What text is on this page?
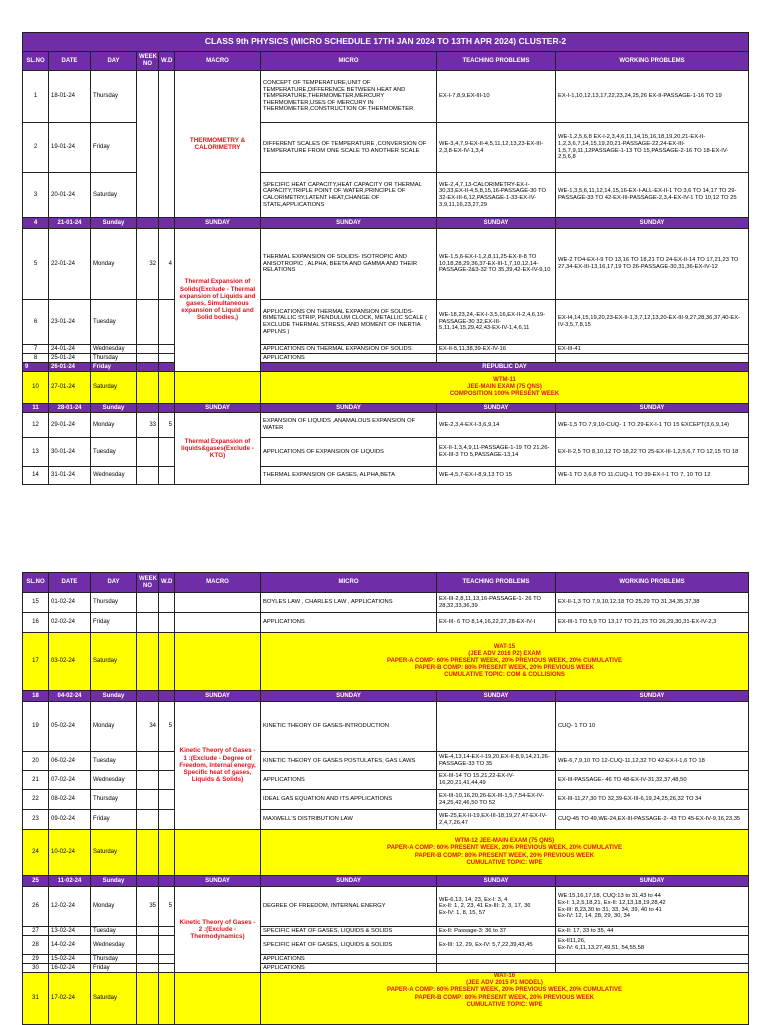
CLASS 9th PHYSICS (MICRO SCHEDULE 17TH JAN 2024 TO 13TH APR 2024) CLUSTER-2								
SL.NO	DATE	DAY	WEEK NO	W.D	MACRO	MICRO	TEACHING PROBLEMS	WORKING PROBLEMS
1	18-01-24	Thursday			THERMOMETRY & CALORIMETRY	CONCEPT OF TEMPERATURE,UNIT OF TEMPERATURE,DIFFERENCE BETWEEN HEAT AND TEMPERATURE,THERMOMETER,MERCURY THERMOMETER,USES OF MERCURY IN THERMOMETER,CONSTRUCTION OF THERMOMETER	EX-I-7,8,9,EX-III-10	EX-I-1,10,12,13,17,22,23,24,25,26 EX-II-PASSAGE-1-16 TO 19
2	19-01-24	Friday				DIFFERENT SCALES OF TEMPERATURE ,CONVERSION OF TEMPERATURE FROM ONE SCALE TO ANOTHER SCALE	WE-3,4,7,9-EX-II-4,5,11,12,13,23-EX-III-2,3,8-EX-IV-1,3,4	WE-1,2,5,6,8 EX-I-2,3,4,6,11,14,15,16,18,19,20,21-EX-II-1,2,3,6,7,14,15,19,20,21-PASSAGE-22,24-EX-III-1,5,7,9,11,12PASSAGE-1-13 TO 15,PASSAGE-2-16 TO 18-EX-IV-2,5,6,8
3	20-01-24	Saturday				SPECIFIC HEAT CAPACITY,HEAT CAPACITY OR THERMAL CAPACITY,TRIPLE POINT OF WATER,PRINCIPLE OF CALORIMETRY,LATENT HEAT,CHANGE OF STATE,APPLICATIONS	WE-2,4,7,13-CALORIMETRY-EX-I-30,33,EX-II-4,5,8,15,16-PASSAGE-30 TO 32-EX-III-6,12,PASSAGE-1-33-EX-IV-3,9,11,16,23,27,29	WE-1,3,5,6,11,12,14,15,16-EX-I-ALL-EX-II-1 TO 3,6 TO 14,17 TO 29-PASSAGE-33 TO 42-EX-III-PASSAGE-2,3,4-EX-IV-1 TO 10,12 TO 25
4	21-01-24	Sunday			SUNDAY	SUNDAY	SUNDAY	SUNDAY
5	22-01-24	Monday	32	4	Thermal Expansion of Solids(Exclude - Thermal expansion of Liquids and gases, Simultaneous expansion of Liquid and Solid bodies,)	THERMAL EXPANSION OF SOLIDS- ISOTROPIC AND ANISOTROPIC , ALPHA, BEETA AND GAMMA AND THEIR RELATIONS	WE-1,5,6-EX-I-1,2,8,11,25-EX-II-8 TO 10,18,28,29,36,37-EX-III-1,7,10,12,14-PASSAGE-2&3-32 TO 35,39,42-EX-IV-9,10	WE-2 TO4-EX-I-9 TO 13,16 TO 18,21 TO 24-EX-II-14 TO 17,21,23 TO 27,34-EX-III-13,16,17,19 TO 26-PASSAGE-30,31,36-EX-IV-12
6	23-01-24	Tuesday				APPLICATIONS ON THERMAL EXPANSION OF SOLIDS-BIMETALLIC STRIP, PENDULUM CLOCK, METALLIC SCALE ( EXCLUDE THERMAL STRESS, AND MOMENT OF INERTIA APPLNS )	WE-18,23,24,-EX-I-3,5,16,EX-II-2,4,6,19-PASSAGE-30 32,EX-III-5,11,14,15,29,42,43-EX-IV-1,4,6,11	EX-I4,14,15,19,20,23-EX-II-1,3,7,12,13,20-EX-III-9,27,28,36,37,40-EX-IV-3,5,7,8,15
7	24-01-24	Wednesday				APPLICATIONS ON THERMAL EXPANSION OF SOLIDS	EX-II-5,11,38,39-EX-IV-16	EX-III-41
8	25-01-24	Thursday				APPLICATIONS		
9	26-01-24	Friday				REPUBLIC DAY		
10	27-01-24	Saturday				WTM-11
JEE-MAIN EXAM (75 QNS)
COMPOSITION 100% PRESENT WEEK		

11	28-01-24	Sunday			SUNDAY	SUNDAY	SUNDAY	SUNDAY
12	29-01-24	Monday	33	5	Thermal Expansion of liquids&gases(Exclude - KTG)	EXPANSION OF LIQUIDS ,ANAMALOUS EXPANSION OF WATER	WE-2,3,4-EX-I-3,6,9,14	WE-1,5 TO 7,9,10-CUQ- 1 TO 29-EX-I-1 TO 15 EXCEPT(3,6,9,14)
13	30-01-24	Tuesday				APPLICATIONS OF EXPANSION OF LIQUIDS	EX-II-1,3,4,9,11-PASSAGE-1-19 TO 21,26-EX-III-3 TO 5,PASSAGE-13,14	EX-II-2,5 TO 8,10,12 TO 18,22 TO 25-EX-III-1,2,5,6,7 TO 12,15 TO 18
14	31-01-24	Wednesday				THERMAL EXPANSION OF GASES, ALPHA,BETA	WE-4,5,7-EX-I-8,9,13 TO 15	WE-1 TO 3,6,8 TO 11,CUQ-1 TO 39-EX-I-1 TO 7, 10 TO 12
SL.NO	DATE	DAY	WEEK NO	W.D	MACRO	MICRO	TEACHING PROBLEMS	WORKING PROBLEMS
15	01-02-24	Thursday				BOYLES LAW , CHARLES LAW , APPLICATIONS	EX-III-2,8,11,13,16-PASSAGE-1- 26 TO 28,32,33,36,39	EX-II-1,3 TO 7,9,10,12,18 TO 25,29 TO 31,34,35,37,38
16	02-02-24	Friday				APPLICATIONS	EX-III- 6 TO 8,14,16,22,27,28-EX-IV-I	EX-III-1 TO 5,9 TO 13,17 TO 21,23 TO 26,29,30,31-EX-IV-2,3
17	03-02-24	Saturday				WAT-15
(JEE ADV 2016 P2) EXAM
PAPER-A COMP: 60% PRESENT WEEK, 20% PREVIOUS WEEK, 20% CUMULATIVE
PAPER-B COMP: 80% PRESENT WEEK, 20% PREVIOUS WEEK
CUMULATIVE TOPIC: COM & COLLISIONS		

18	04-02-24	Sunday			SUNDAY	SUNDAY	SUNDAY	SUNDAY
19	05-02-24	Monday	34	5	Kinetic Theory of Gases - 1 :(Exclude - Degree of Freedom, Internal energy, Specific heat of gases, Liquids & Solids)	KINETIC THEORY OF GASES-INTRODUCTION		CUQ- 1 TO 10
20	06-02-24	Tuesday				KINETIC THEORY OF GASES POSTULATES, GAS LAWS	WE-4,13,14-EX-I-19,20,EX-II-8,9,14,21,26-PASSAGE-33 TO 35	WE-6,7,9,10 TO 12-CUQ-11,12,32 TO 42-EX-I-1,6 TO 18
21	07-02-24	Wednesday				APPLICATIONS	EX-III-14 TO 15,21,22-EX-IV-16,20,21,41,44,49	EX-III-PASSAGE- 46 TO 48-EX-IV-31,32,37,48,50
22	08-02-24	Thursday				IDEAL GAS EQUATION AND ITS APPLICATIONS	EX-III-10,16,20,26-EX-III-1,5,7,54-EX-IV-24,25,42,46,50 TO 52	EX-III-11,27,30 TO 32,39-EX-III-6,19,24,25,26,32 TO 34
23	09-02-24	Friday				MAXWELL'S DISTRIBUTION LAW	WE-25,EX-II-19,EX-III-18,19,27,47-EX-IV-2,4,7,26,47	CUQ-45 TO 49,WE-24,EX-III-PASSAGE-2- 43 TO 45-EX-IV-9,16,23,35
24	10-02-24	Saturday				WTM-12 JEE-MAIN EXAM (75 QNS)
PAPER-A COMP: 60% PRESENT WEEK, 20% PREVIOUS WEEK, 20% CUMULATIVE
PAPER-B COMP: 80% PRESENT WEEK, 20% PREVIOUS WEEK
CUMULATIVE TOPIC: WPE		

25	11-02-24	Sunday			SUNDAY	SUNDAY	SUNDAY	SUNDAY
26	12-02-24	Monday	35	5	Kinetic Theory of Gases - 2 :(Exclude - Thermodynamics)	DEGREE OF FREEDOM, INTERNAL ENERGY	WE-6,13, 14, 23, Ex-I: 3, 4
Ex-II: 1, 2, 23, 41 Ex-III: 2, 3, 17, 36
Ex-IV: 1, 8, 15, 57	WE:15,16,17,18, CUQ:13 to 31,43 to 44
Ex-I: 1,2,5,18,21, Ex-II: 12,13,18,19,28,42
Ex-III: 8,23,30 to 31, 33, 34, 39, 40 to 41
Ex-IV: 12, 14, 28, 29, 30, 34
27	13-02-24	Tuesday				SPECIFIC HEAT OF GASES, LIQUIDS & SOLIDS	Ex-II: Passage-3: 36 to 37	Ex-II: 17, 33 to 35, 44
28	14-02-24	Wednesday				SPECIFIC HEAT OF GASES, LIQUIDS & SOLIDS	Ex-III: 12, 29, Ex-IV: 5,7,22,39,43,45	Ex-II11,26,
Ex-IV: 6,11,13,27,49,51, 54,55,58
29	15-02-24	Thursday				APPLICATIONS		
30	16-02-24	Friday				APPLICATIONS		
31	17-02-24	Saturday				WAT-16
(JEE ADV 2015 P1 MODEL)
PAPER-A COMP: 60% PRESENT WEEK, 20% PREVIOUS WEEK, 20% CUMULATIVE
PAPER-B COMP: 80% PRESENT WEEK, 20% PREVIOUS WEEK
CUMULATIVE TOPIC: WPE		
